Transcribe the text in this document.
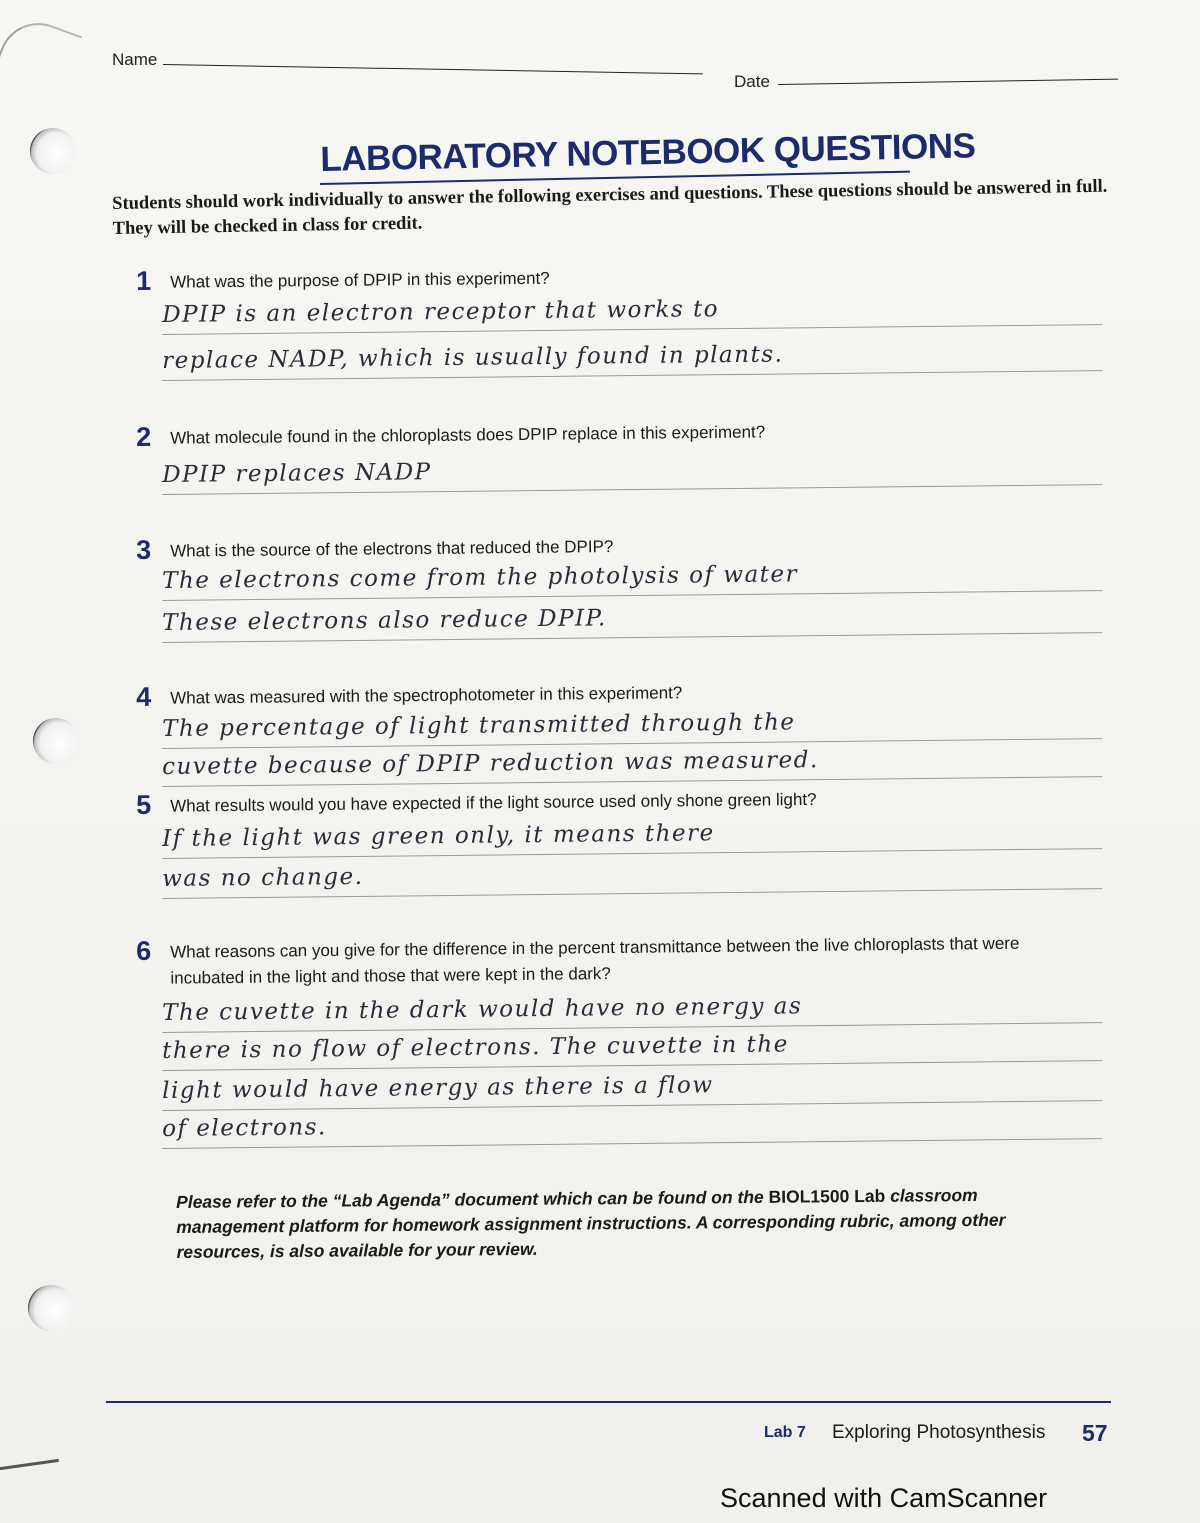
Name
Date
LABORATORY NOTEBOOK QUESTIONS
Students should work individually to answer the following exercises and questions. These questions should be answered in full. They will be checked in class for credit.
1 What was the purpose of DPIP in this experiment?
DPIP is an electron receptor that works to
replace NADP, which is usually found in plants.
2 What molecule found in the chloroplasts does DPIP replace in this experiment?
DPIP replaces NADP
3 What is the source of the electrons that reduced the DPIP?
The electrons come from the photolysis of water
These electrons also reduce DPIP.
4 What was measured with the spectrophotometer in this experiment?
The percentage of light transmitted through the
cuvette because of DPIP reduction was measured.
5 What results would you have expected if the light source used only shone green light?
If the light was green only, it means there
was no change.
6 What reasons can you give for the difference in the percent transmittance between the live chloroplasts that were
incubated in the light and those that were kept in the dark?
The cuvette in the dark would have no energy as
there is no flow of electrons. The cuvette in the
light would have energy as there is a flow
of electrons.
Please refer to the “Lab Agenda” document which can be found on the BIOL1500 Lab classroom management platform for homework assignment instructions. A corresponding rubric, among other resources, is also available for your review.
Lab 7 Exploring Photosynthesis 57
Scanned with CamScanner
